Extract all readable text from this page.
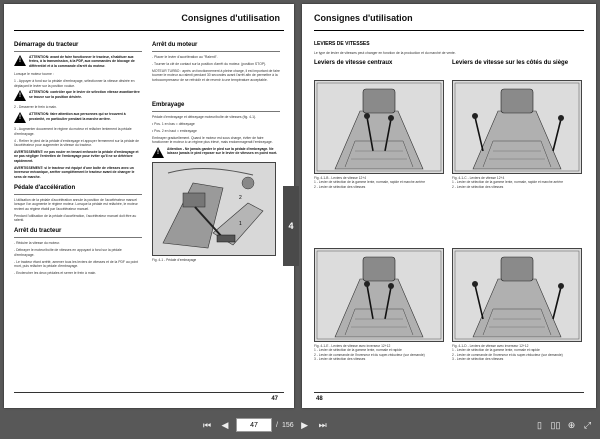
Consignes d'utilisation
Démarrage du tracteur
!
ATTENTION: avant de faire fonctionner le tracteur, s'habituer aux freins, à la transmission, à la PDF, aux commandes de blocage de différentiel et à la commande d'arrêt du moteur.
Lorsque le moteur tourne :
1 - Appuyer à fond sur la pédale d'embrayage, sélectionner la vitesse désirée en déplaçant le levier sur la position voulue.
!
ATTENTION: contrôler que le levier de sélection vitesse avant/arrière se trouve sur la position désirée.
2 - Desserrer le frein à main.
!
ATTENTION: faire attention aux personnes qui se trouvent à proximité, en particulier pendant la marche arrière.
3 - Augmenter doucement le régime du moteur et relâcher lentement la pédale d'embrayage.
4 - Retirer le pied de la pédale d'embrayage et appuyer fermement sur la pédale de l'accélérateur pour augmenter la vitesse du tracteur.
AVERTISSEMENT: ne pas rouler en tenant enfoncée la pédale d'embrayage et ne pas négliger l'entretien de l'embrayage pour éviter qu'il ne se détériore rapidement.
AVERTISSEMENT: si le tracteur est équipé d'une boîte de vitesses avec un inverseur mécanique, arrêter complètement le tracteur avant de changer le sens de marche.
Pédale d'accélération
L'utilisation de la pédale d'accélération annule la position de l'accélérateur manuel lorsque l'on augmente le régime moteur. Lorsque la pédale est relâchée, le moteur revient au régime établi par l'accélérateur manuel.
Pendant l'utilisation de la pédale d'accélération, l'accélérateur manuel doit être au ralenti.
Arrêt du tracteur
- Réduire la vitesse du moteur.
- Débrayer le moteur/boîte de vitesses en appuyant à fond sur la pédale d'embrayage.
- Le tracteur étant arrêté, amener tous les leviers de vitesses et de la PDF au point mort, puis relâcher la pédale d'embrayage.
- Enclencher les deux pédales et serrer le frein à main.
Arrêt du moteur
- Placer le levier d'accélération au "Ralenti".
- Tourner la clé de contact sur la position d'arrêt du moteur. (position STOP).
MOTEUR TURBO : après un fonctionnement à pleine charge, il est important de faire tourner le moteur au ralenti pendant 30 secondes avant l'arrêt afin de permettre à la turbocompresseur de se refroidir et de revenir à une température acceptable.
Embrayage
Pédale d'embrayage et débrayage moteur/boîte de vitesses (fig. 4-1).
• Pos. 1 en bas = débrayage
• Pos. 2 en haut = embrayage
Embrayer graduellement. Quand le moteur est sous charge, éviter de faire fonctionner le moteur à un régime plus élevé, mais endommagerait l'embrayage.
!
Attention - Ne jamais garder le pied sur la pédale d'embrayage. Ne laissez jamais le pied reposer sur le levier de vitesses en point mort.
1
2
Fig. 4-1 - Pédale d'embrayage
47
Consignes d'utilisation
LEVIERS DE VITESSES
Le type de levier de vitesses peut changer en fonction de la production et du marché de vente.
Leviers de vitesse centraux	Leviers de vitesse sur les côtés du siège
Fig. 4-1-B - Leviers de vitesse 12+4
1 - Levier de sélection de la gamme lente, normale, rapide et marche arrière
2 - Levier de sélection des vitesses
Fig. 4-1-C - Leviers de vitesse 12+4
1 - Levier de sélection de la gamme lente, normale, rapide et marche arrière
2 - Levier de sélection des vitesses
Fig. 4-1-E - Leviers de vitesse avec inverseur 12+12
1 - Levier de sélection de la gamme lente, normale et rapide
2 - Levier de commande de l'inverseur et du super-réducteur (sur demande)
3 - Levier de sélection des vitesses
Fig. 4-1-D - Leviers de vitesse avec inverseur 12+12
1 - Levier de sélection de la gamme lente, normale et rapide
2 - Levier de commande de l'inverseur et du super-réducteur (sur demande)
3 - Levier de sélection des vitesses
48
4
⏮ ◀
47	/ 156 ▶ ⏭	▯ ▯▯ ⊕ ⤢
